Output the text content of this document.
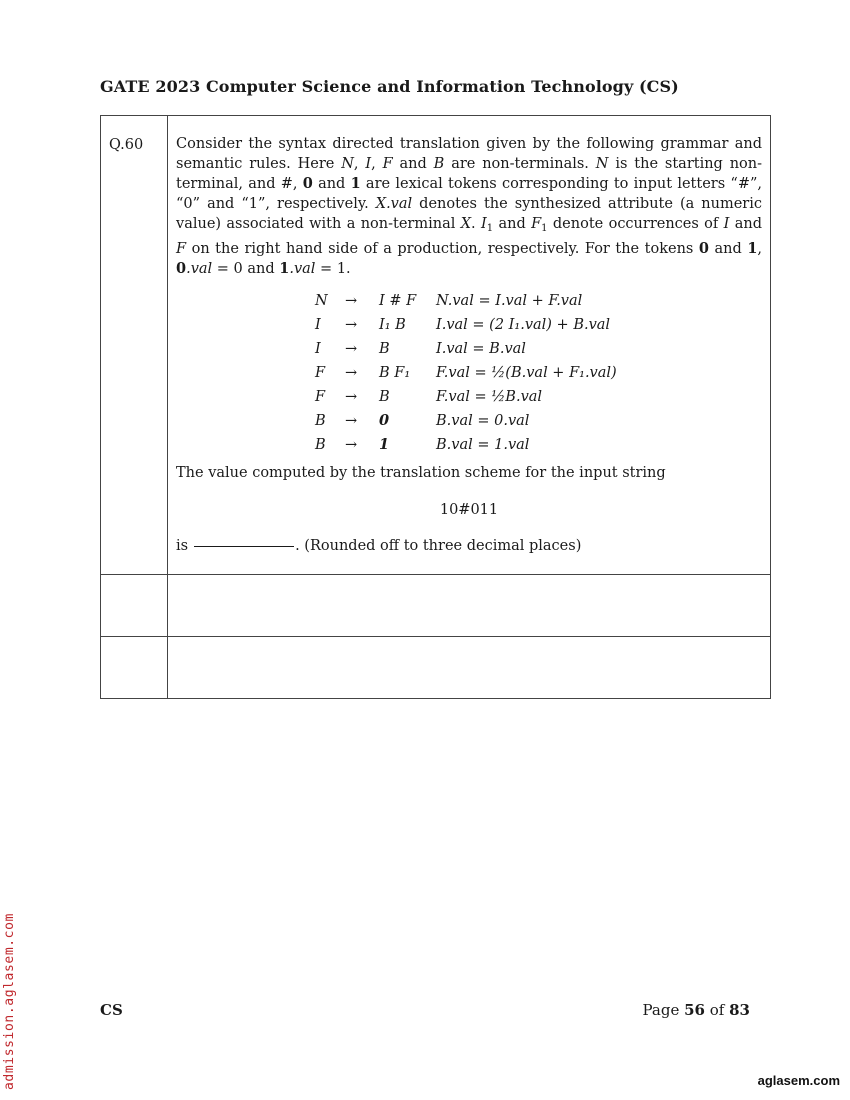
GATE 2023 Computer Science and Information Technology (CS)
Q.60	Consider the syntax directed translation given by the following grammar and semantic rules. Here N, I, F and B are non-terminals. N is the starting non-terminal, and #, 0 and 1 are lexical tokens corresponding to input letters “#”, “0” and “1”, respectively. X.val denotes the synthesized attribute (a numeric value) associated with a non-terminal X. $I_1$ and $F_1$ denote occurrences of I and F on the right hand side of a production, respectively. For the tokens 0 and 1, 0.val = 0 and 1.val = 1.
N	→	I # F	N.val = I.val + F.val
I	→	I₁ B	I.val = (2 I₁.val) + B.val
I	→	B	I.val = B.val
F	→	B F₁	F.val = ½(B.val + F₁.val)
F	→	B	F.val = ½B.val
B	→	0	B.val = 0.val
B	→	1	B.val = 1.val
The value computed by the translation scheme for the input string
10#011
is	. (Rounded off to three decimal places)

CS	Page 56 of 83
admission.aglasem.com	aglasem.com
